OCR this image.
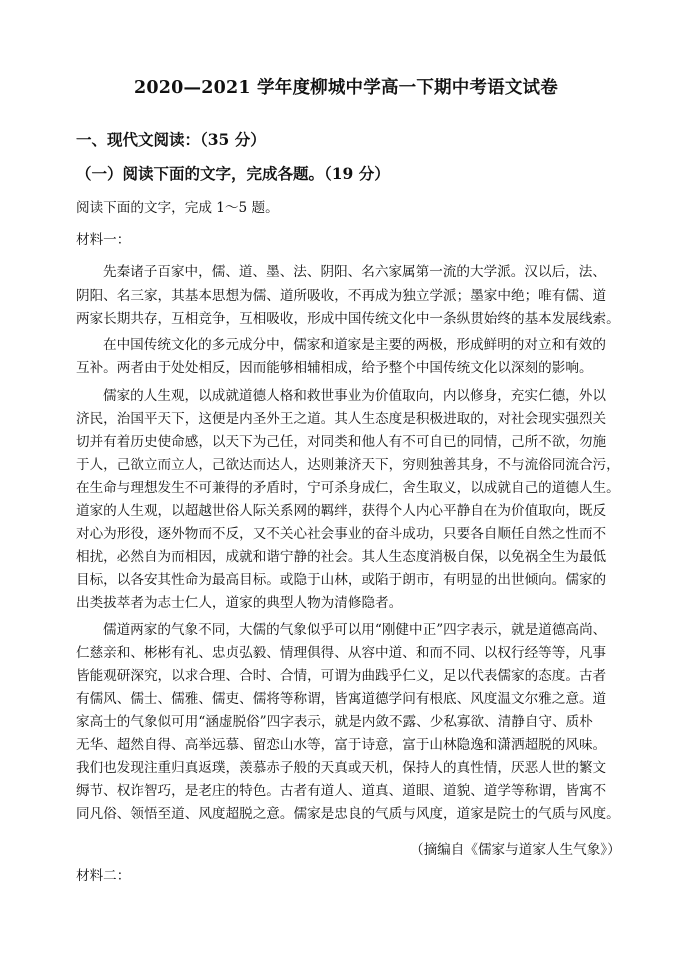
2020—2021 学年度柳城中学高一下期中考语文试卷
一、现代文阅读：（35 分）
（一）阅读下面的文字，完成各题。（19 分）
阅读下面的文字，完成 1～5 题。
材料一：
先秦诸子百家中，儒、道、墨、法、阴阳、名六家属第一流的大学派。汉以后，法、
阴阳、名三家，其基本思想为儒、道所吸收，不再成为独立学派；墨家中绝；唯有儒、道
两家长期共存，互相竞争，互相吸收，形成中国传统文化中一条纵贯始终的基本发展线索。
在中国传统文化的多元成分中，儒家和道家是主要的两极，形成鲜明的对立和有效的
互补。两者由于处处相反，因而能够相辅相成，给予整个中国传统文化以深刻的影响。
儒家的人生观，以成就道德人格和救世事业为价值取向，内以修身，充实仁德，外以
济民，治国平天下，这便是内圣外王之道。其人生态度是积极进取的，对社会现实强烈关
切并有着历史使命感，以天下为己任，对同类和他人有不可自已的同情，己所不欲，勿施
于人，己欲立而立人，己欲达而达人，达则兼济天下，穷则独善其身，不与流俗同流合污，
在生命与理想发生不可兼得的矛盾时，宁可杀身成仁，舍生取义，以成就自己的道德人生。
道家的人生观，以超越世俗人际关系网的羁绊，获得个人内心平静自在为价值取向，既反
对心为形役，逐外物而不反，又不关心社会事业的奋斗成功，只要各自顺任自然之性而不
相扰，必然自为而相因，成就和谐宁静的社会。其人生态度消极自保，以免祸全生为最低
目标，以各安其性命为最高目标。或隐于山林，或陷于朗市，有明显的出世倾向。儒家的
出类拔萃者为志士仁人，道家的典型人物为清修隐者。
儒道两家的气象不同，大儒的气象似乎可以用“刚健中正”四字表示，就是道德高尚、
仁慈亲和、彬彬有礼、忠贞弘毅、情理俱得、从容中道、和而不同、以权行经等等，凡事
皆能观研深究，以求合理、合时、合情，可谓为曲践乎仁义，足以代表儒家的态度。古者
有儒风、儒士、儒雅、儒吏、儒将等称谓，皆寓道德学问有根底、风度温文尔雅之意。道
家高士的气象似可用“涵虚脱俗”四字表示，就是内敛不露、少私寡欲、清静自守、质朴
无华、超然自得、高举远慕、留恋山水等，富于诗意，富于山林隐逸和潇洒超脱的风味。
我们也发现注重归真返璞，羡慕赤子般的天真或天机，保持人的真性情，厌恶人世的繁文
缛节、权诈智巧，是老庄的特色。古者有道人、道真、道眼、道貌、道学等称谓，皆寓不
同凡俗、领悟至道、风度超脱之意。儒家是忠良的气质与风度，道家是院士的气质与风度。
（摘编自《儒家与道家人生气象》）
材料二：
